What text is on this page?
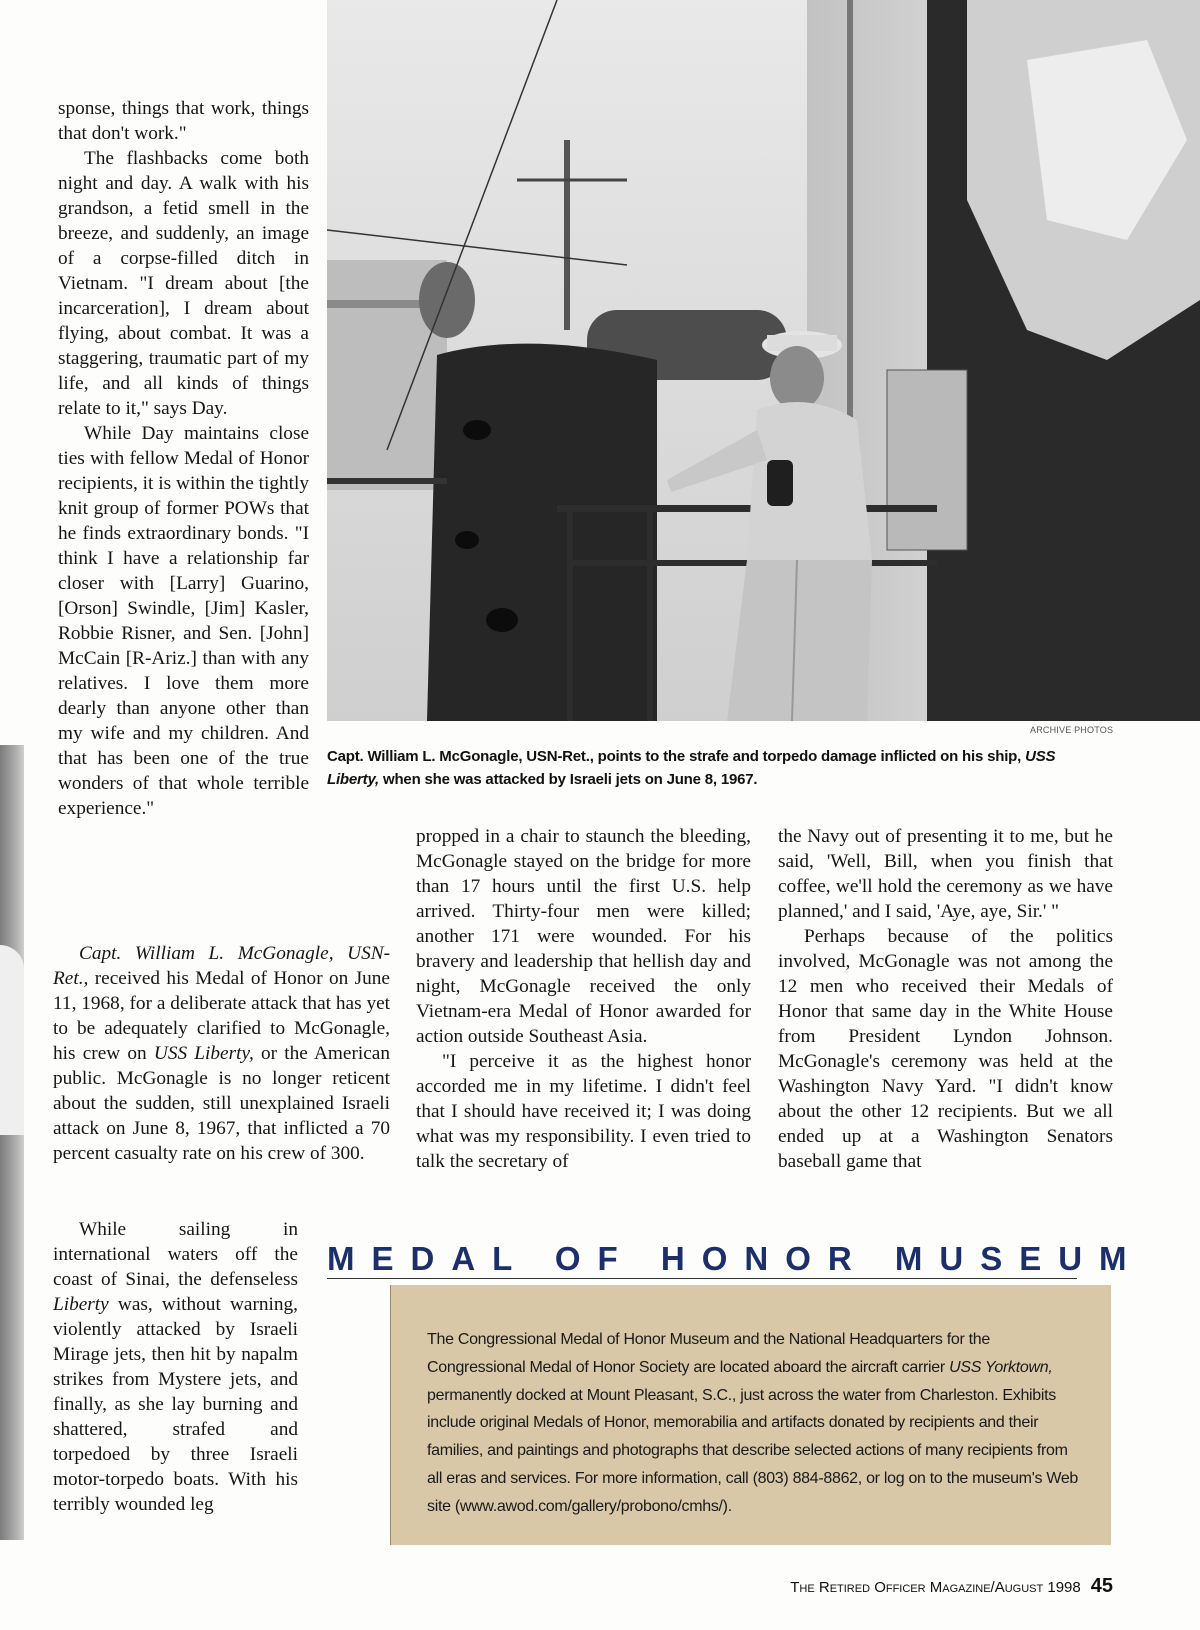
sponse, things that work, things that don't work."

The flashbacks come both night and day. A walk with his grandson, a fetid smell in the breeze, and suddenly, an image of a corpse-filled ditch in Vietnam. "I dream about [the incarceration], I dream about flying, about combat. It was a staggering, traumatic part of my life, and all kinds of things relate to it," says Day.

While Day maintains close ties with fellow Medal of Honor recipients, it is within the tightly knit group of former POWs that he finds extraordinary bonds. "I think I have a relationship far closer with [Larry] Guarino, [Orson] Swindle, [Jim] Kasler, Robbie Risner, and Sen. [John] McCain [R-Ariz.] than with any relatives. I love them more dearly than anyone other than my wife and my children. And that has been one of the true wonders of that whole terrible experience."

Capt. William L. McGonagle, USN-Ret., received his Medal of Honor on June 11, 1968, for a deliberate attack that has yet to be adequately clarified to McGonagle, his crew on USS Liberty, or the American public. McGonagle is no longer reticent about the sudden, still unexplained Israeli attack on June 8, 1967, that inflicted a 70 percent casualty rate on his crew of 300.

While sailing in international waters off the coast of Sinai, the defenseless Liberty was, without warning, violently attacked by Israeli Mirage jets, then hit by napalm strikes from Mystere jets, and finally, as she lay burning and shattered, strafed and torpedoed by three Israeli motor-torpedo boats. With his terribly wounded leg

ARCHIVE PHOTOS
Capt. William L. McGonagle, USN-Ret., points to the strafe and torpedo damage inflicted on his ship, USS Liberty, when she was attacked by Israeli jets on June 8, 1967.

propped in a chair to staunch the bleeding, McGonagle stayed on the bridge for more than 17 hours until the first U.S. help arrived. Thirty-four men were killed; another 171 were wounded. For his bravery and leadership that hellish day and night, McGonagle received the only Vietnam-era Medal of Honor awarded for action outside Southeast Asia.

"I perceive it as the highest honor accorded me in my lifetime. I didn't feel that I should have received it; I was doing what was my responsibility. I even tried to talk the secretary of

the Navy out of presenting it to me, but he said, 'Well, Bill, when you finish that coffee, we'll hold the ceremony as we have planned,' and I said, 'Aye, aye, Sir.' "

Perhaps because of the politics involved, McGonagle was not among the 12 men who received their Medals of Honor that same day in the White House from President Lyndon Johnson. McGonagle's ceremony was held at the Washington Navy Yard. "I didn't know about the other 12 recipients. But we all ended up at a Washington Senators baseball game that

MEDAL OF HONOR MUSEUM
The Congressional Medal of Honor Museum and the National Headquarters for the Congressional Medal of Honor Society are located aboard the aircraft carrier USS Yorktown, permanently docked at Mount Pleasant, S.C., just across the water from Charleston. Exhibits include original Medals of Honor, memorabilia and artifacts donated by recipients and their families, and paintings and photographs that describe selected actions of many recipients from all eras and services. For more information, call (803) 884-8862, or log on to the museum's Web site (www.awod.com/gallery/probono/cmhs/).
The Retired Officer Magazine/August 1998 45
